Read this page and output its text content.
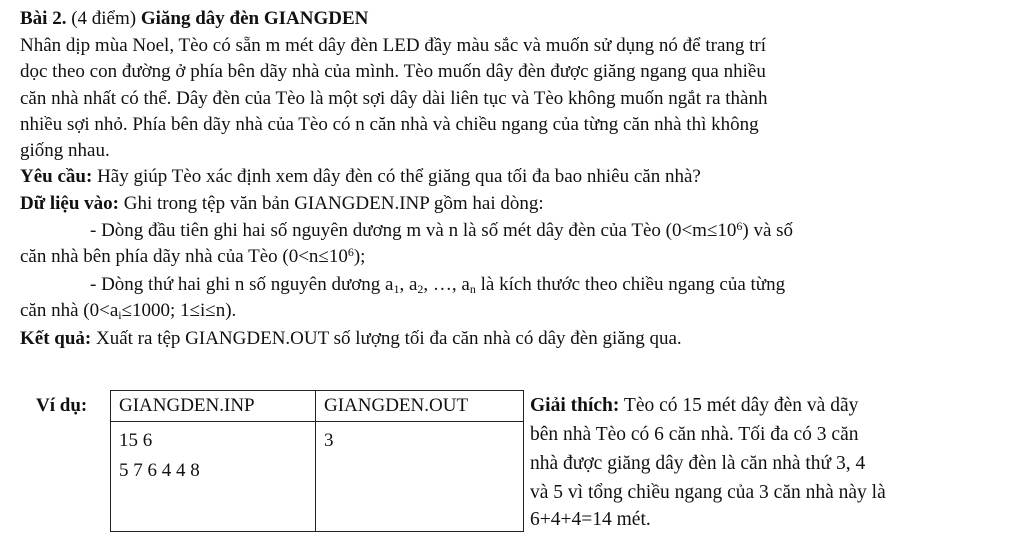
Bài 2. (4 điểm) Giăng dây đèn GIANGDEN
Nhân dịp mùa Noel, Tèo có sẵn m mét dây đèn LED đầy màu sắc và muốn sử dụng nó để trang trí
dọc theo con đường ở phía bên dãy nhà của mình. Tèo muốn dây đèn được giăng ngang qua nhiều
căn nhà nhất có thể. Dây đèn của Tèo là một sợi dây dài liên tục và Tèo không muốn ngắt ra thành
nhiều sợi nhỏ. Phía bên dãy nhà của Tèo có n căn nhà và chiều ngang của từng căn nhà thì không
giống nhau.
Yêu cầu: Hãy giúp Tèo xác định xem dây đèn có thể giăng qua tối đa bao nhiêu căn nhà?
Dữ liệu vào: Ghi trong tệp văn bản GIANGDEN.INP gồm hai dòng:
- Dòng đầu tiên ghi hai số nguyên dương m và n là số mét dây đèn của Tèo $(0<m\le 10^6)$ và số
căn nhà bên phía dãy nhà của Tèo $(0<n\le 10^6)$;
- Dòng thứ hai ghi n số nguyên dương $a_1$, $a_2$, …, $a_n$ là kích thước theo chiều ngang của từng
căn nhà ($0<a_i\le 1000$; 1≤i≤n).
Kết quả: Xuất ra tệp GIANGDEN.OUT số lượng tối đa căn nhà có dây đèn giăng qua.
Ví dụ: GIANGDEN.INP	GIANGDEN.OUT

15 6
5 7 6 4 4 8	3
Giải thích: Tèo có 15 mét dây đèn và dãy
bên nhà Tèo có 6 căn nhà. Tối đa có 3 căn
nhà được giăng dây đèn là căn nhà thứ 3, 4
và 5 vì tổng chiều ngang của 3 căn nhà này là
6+4+4=14 mét.
